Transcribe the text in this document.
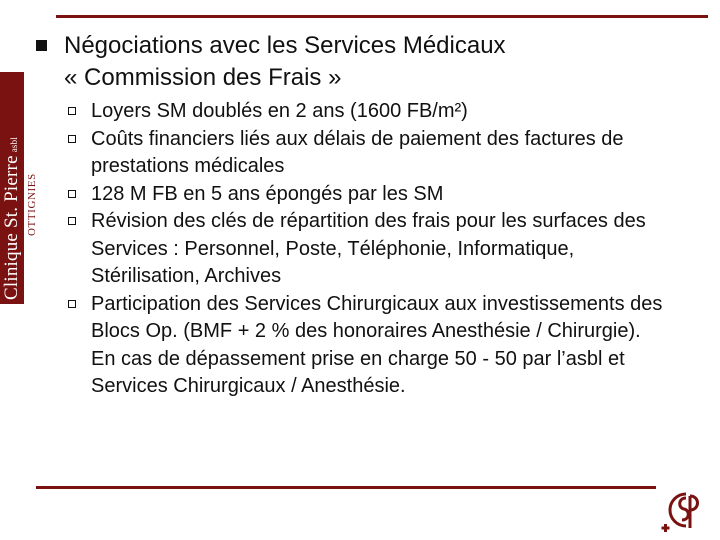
Clinique St. Pierreasbl
OTTIGNIES
Négociations avec les Services Médicaux
« Commission des Frais »
Loyers SM doublés en 2 ans (1600 FB/m²)
Coûts financiers liés aux délais de paiement des factures de prestations médicales
128 M FB en 5 ans épongés par les SM
Révision des clés de répartition des frais pour les surfaces des Services : Personnel, Poste, Téléphonie, Informatique, Stérilisation, Archives
Participation des Services Chirurgicaux aux investissements des Blocs Op. (BMF + 2 % des honoraires Anesthésie / Chirurgie). En cas de dépassement prise en charge 50 - 50 par l’asbl et Services Chirurgicaux / Anesthésie.
